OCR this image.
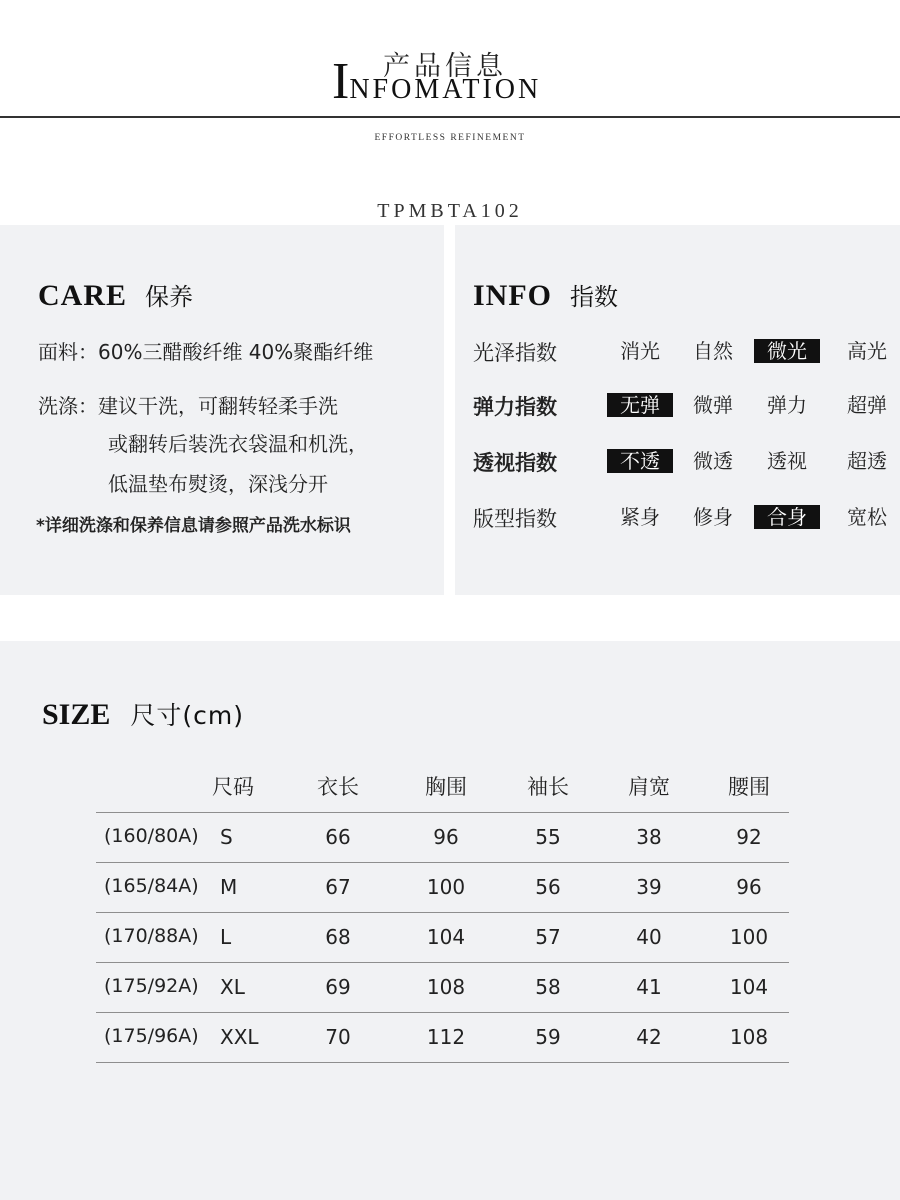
产品信息
INFOMATION
EFFORTLESS REFINEMENT
TPMBTA102
CARE 保养
面料：60%三醋酸纤维 40%聚酯纤维
洗涤：建议干洗，可翻转轻柔手洗
或翻转后装洗衣袋温和机洗，
低温垫布熨烫，深浅分开
*详细洗涤和保养信息请参照产品洗水标识
INFO 指数
光泽指数	消光	自然	微光	高光
弹力指数	无弹	微弹	弹力	超弹
透视指数	不透	微透	透视	超透
版型指数	紧身	修身	合身	宽松
SIZE 尺寸(cm)
尺码	衣长	胸围	袖长	肩宽	腰围
(160/80A) S	66	96	55	38	92
(165/84A) M	67	100	56	39	96
(170/88A) L	68	104	57	40	100
(175/92A) XL	69	108	58	41	104
(175/96A) XXL	70	112	59	42	108
